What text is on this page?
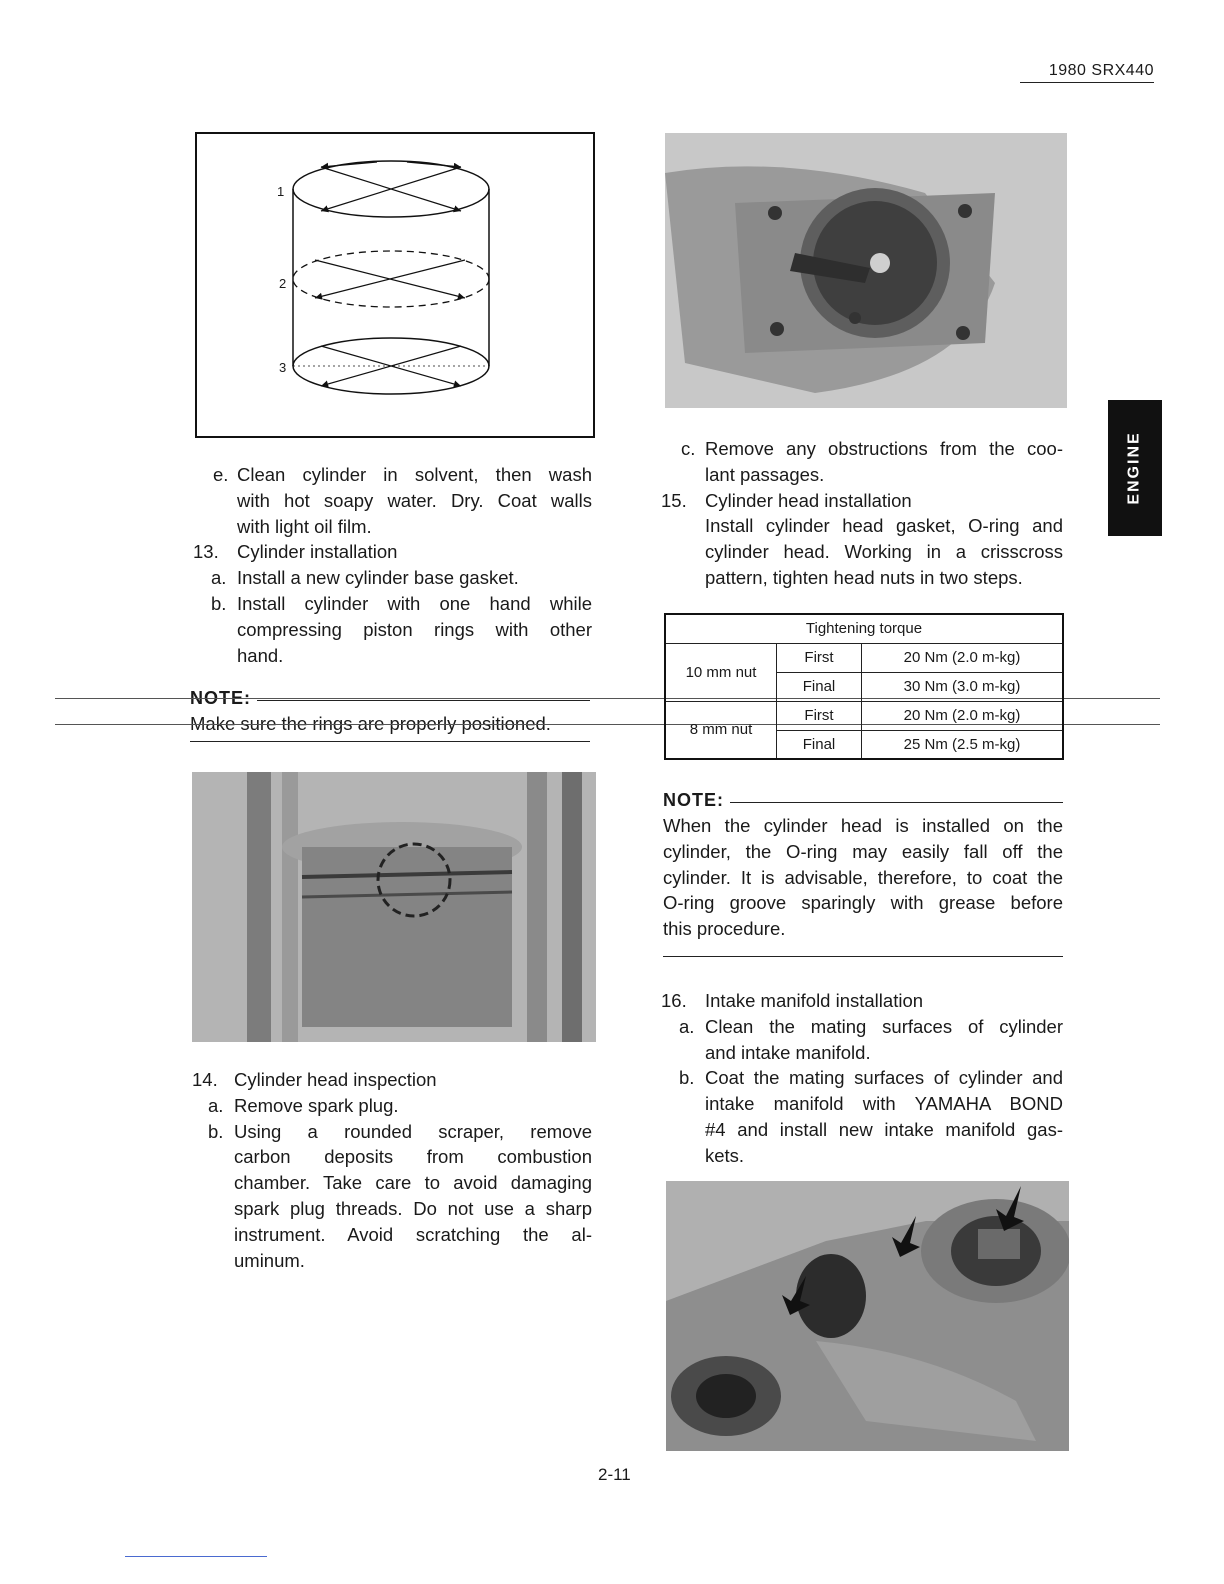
1980 SRX440
ENGINE
1
2
3
e. Clean cylinder in solvent, then wash
with hot soapy water. Dry. Coat walls
with light oil film.
13. Cylinder installation
a. Install a new cylinder base gasket.
b. Install cylinder with one hand while
compressing piston rings with other
hand.
NOTE:
Make sure the rings are properly positioned.
14. Cylinder head inspection
a. Remove spark plug.
b. Using a rounded scraper, remove
carbon deposits from combustion
chamber. Take care to avoid damaging
spark plug threads. Do not use a sharp
instrument. Avoid scratching the al-
uminum.
c. Remove any obstructions from the coo-
lant passages.
15. Cylinder head installation
Install cylinder head gasket, O-ring and
cylinder head. Working in a crisscross
pattern, tighten head nuts in two steps.
Tightening torque		
10 mm nut	First	20 Nm (2.0 m-kg)
	Final	30 Nm (3.0 m-kg)
8 mm nut	First	20 Nm (2.0 m-kg)
	Final	25 Nm (2.5 m-kg)
NOTE:
When the cylinder head is installed on the
cylinder, the O-ring may easily fall off the
cylinder. It is advisable, therefore, to coat the
O-ring groove sparingly with grease before
this procedure.
16. Intake manifold installation
a. Clean the mating surfaces of cylinder
and intake manifold.
b. Coat the mating surfaces of cylinder and
intake manifold with YAMAHA BOND
#4 and install new intake manifold gas-
kets.
2-11
